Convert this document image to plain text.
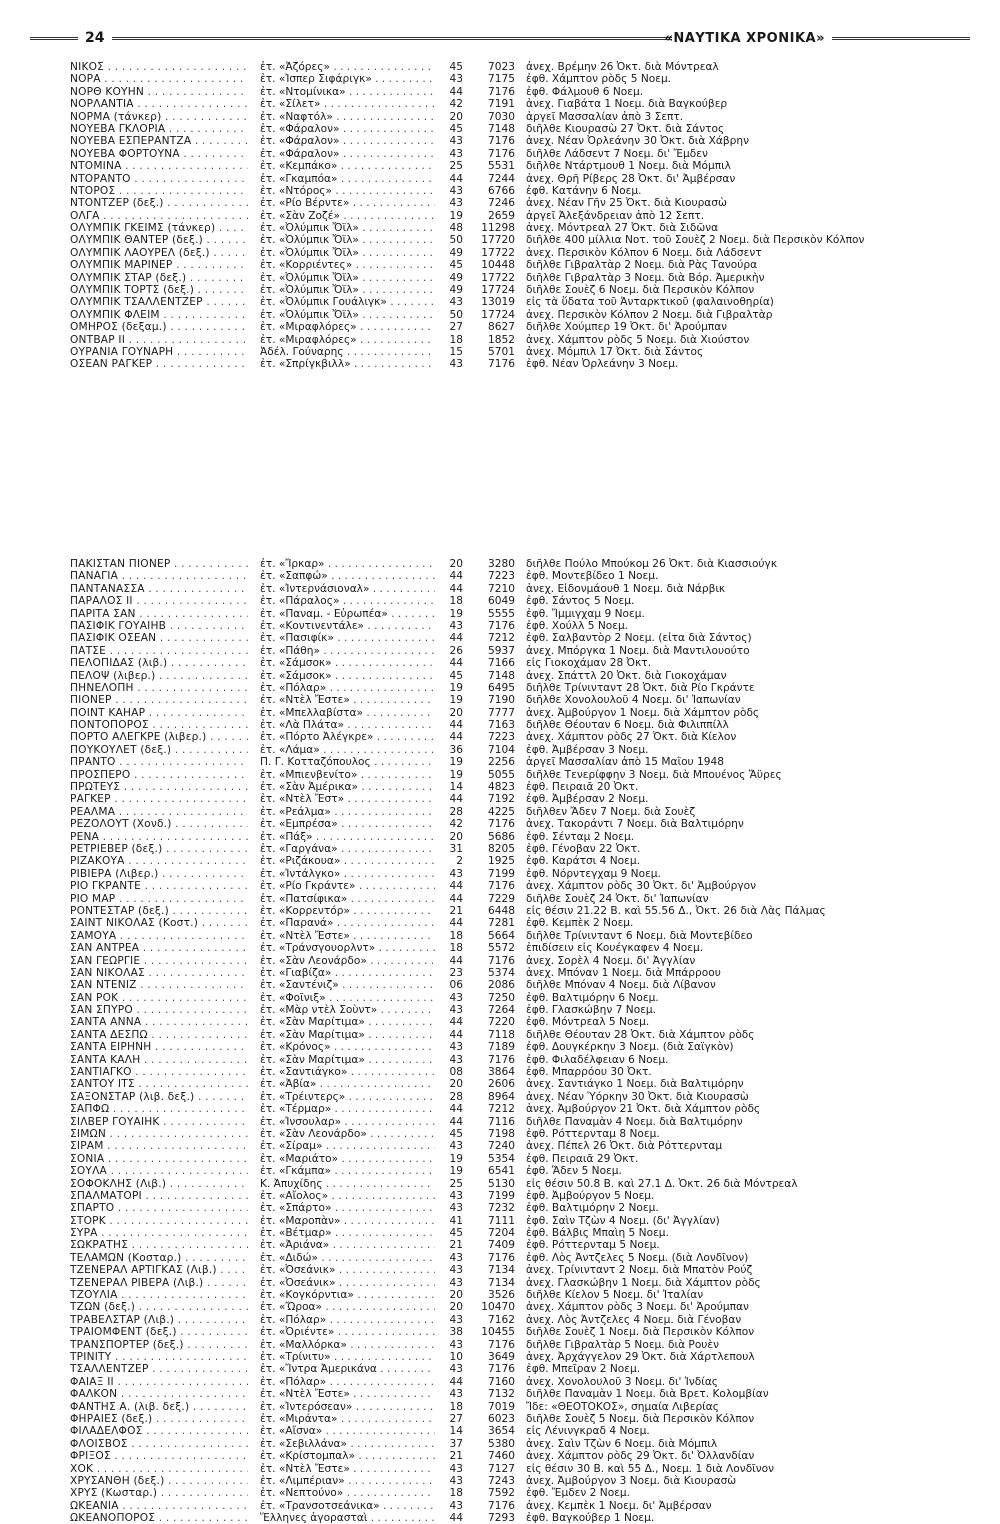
24	«ΝΑΥΤΙΚΑ ΧΡΟΝΙΚΑ»
ΝΙΚΟΣ . . .	ἐτ. «Ἀζόρες» . . .	45	7023 ἀνεχ. Βρέμην 26 Ὀκτ. διὰ Μόντρεαλ
ΝΟΡΑ . . .	ἐτ. «Ἰσπερ Σιφάριγκ» . . .	43	7175 ἐφθ. Χάμπτον ρὸδς 5 Νοεμ.
ΝΟΡΘ ΚΟΥΗΝ . . .	ἐτ. «Ντομίνικα» . . .	44	7176 ἐφθ. Φάλμουθ 6 Νοεμ.
ΝΟΡΛΑΝΤΙΑ . . .	ἐτ. «Σίλετ» . . .	42	7191 ἀνεχ. Γιαβάτα 1 Νοεμ. διὰ Βαγκούβερ
ΝΟΡΜΑ (τάνκερ) . . .	ἐτ. «Ναφτόλ» . . .	20	7030 ἀργεῖ Μασσαλίαν ἀπὸ 3 Σεπτ.
ΝΟΥΕΒΑ ΓΚΛΟΡΙΑ . . .	ἐτ. «Φάραλον» . . .	45	7148 διῆλθε Κιουρασὼ 27 Ὀκτ. διὰ Σάντος
ΝΟΥΕΒΑ ΕΣΠΕΡΑΝΤΖΑ . . .	ἐτ. «Φάραλον» . . .	43	7176 ἀνεχ. Νέαν Ὀρλεάνην 30 Ὀκτ. διὰ Χάβρην
ΝΟΥΕΒΑ ΦΟΡΤΟΥΝΑ . . .	ἐτ. «Φάραλον» . . .	43	7176 διῆλθε Λάδσεντ 7 Νοεμ. δι' Ἔμδεν
ΝΤΟΜΙΝΑ . . .	ἐτ. «Κεμπάκο» . . .	25	5531 διῆλθε Ντάρτμουθ 1 Νοεμ. διὰ Μόμπιλ
ΝΤΟΡΑΝΤΟ . . .	ἐτ. «Γκαμπόα» . . .	44	7244 ἀνεχ. Θρῆ Ρίβερς 28 Ὀκτ. δι' Ἀμβέρσαν
ΝΤΟΡΟΣ . . .	ἐτ. «Ντόρος» . . .	43	6766 ἐφθ. Κατάνην 6 Νοεμ.
ΝΤΟΝΤΖΕΡ (δεξ.) . . .	ἐτ. «Ρίο Βέρντε» . . .	43	7246 ἀνεχ. Νέαν Γῆν 25 Ὀκτ. διὰ Κιουρασὼ
ΟΛΓΑ . . .	ἐτ. «Σὰν Ζοζέ» . . .	19	2659 ἀργεῖ Ἀλεξάνδρειαν ἀπὸ 12 Σεπτ.
ΟΛΥΜΠΙΚ ΓΚΕΙΜΣ (τάνκερ) . . .	ἐτ. «Ὀλύμπικ Ὄϊλ» . . .	48	11298 ἀνεχ. Μόντρεαλ 27 Ὀκτ. διὰ Σιδῶνα
ΟΛΥΜΠΙΚ ΘΑΝΤΕΡ (δεξ.) . . .	ἐτ. «Ὀλύμπικ Ὄϊλ» . . .	50	17720 διῆλθε 400 μίλλια Νοτ. τοῦ Σουὲζ 2 Νοεμ. διὰ Περσικὸν Κόλπον
ΟΛΥΜΠΙΚ ΛΑΟΥΡΕΛ (δεξ.) . . .	ἐτ. «Ὀλύμπικ Ὄϊλ» . . .	49	17722 ἀνεχ. Περσικὸν Κόλπον 6 Νοεμ. διὰ Λάδσεντ
ΟΛΥΜΠΙΚ ΜΑΡΙΝΕΡ . . .	ἐτ. «Κορριέντες» . . .	45	10448 διῆλθε Γιβραλτὰρ 2 Νοεμ. διὰ Ρὰς Τανούρα
ΟΛΥΜΠΙΚ ΣΤΑΡ (δεξ.) . . .	ἐτ. «Ὀλύμπικ Ὄϊλ» . . .	49	17722 διῆλθε Γιβραλτὰρ 3 Νοεμ. διὰ Βόρ. Ἀμερικὴν
ΟΛΥΜΠΙΚ ΤΟΡΤΣ (δεξ.) . . .	ἐτ. «Ὀλύμπικ Ὄϊλ» . . .	49	17724 διῆλθε Σουὲζ 6 Νοεμ. διὰ Περσικὸν Κόλπον
ΟΛΥΜΠΙΚ ΤΣΑΛΛΕΝΤΖΕΡ . . .	ἐτ. «Ὀλύμπικ Γουάλιγκ» . . .	43	13019 εἰς τὰ ὕδατα τοῦ Ἀνταρκτικοῦ (φαλαινοθηρία)
ΟΛΥΜΠΙΚ ΦΛΕΙΜ . . .	ἐτ. «Ὀλύμπικ Ὄϊλ» . . .	50	17724 ἀνεχ. Περσικὸν Κόλπον 2 Νοεμ. διὰ Γιβραλτὰρ
ΟΜΗΡΟΣ (δεξαμ.) . . .	ἐτ. «Μιραφλόρες» . . .	27	8627 διῆλθε Χούμπερ 19 Ὀκτ. δι' Ἀρούμπαν
ΟΝΤΒΑΡ ΙΙ . . .	ἐτ. «Μιραφλόρες» . . .	18	1852 ἀνεχ. Χάμπτον ρὸδς 5 Νοεμ. διὰ Χιούστον
ΟΥΡΑΝΙΑ ΓΟΥΝΑΡΗ . . .	Ἀδέλ. Γούναρης . . .	15	5701 ἀνεχ. Μόμπιλ 17 Ὀκτ. διὰ Σάντος
ΟΣΕΑΝ ΡΑΓΚΕΡ . . .	ἐτ. «Σπρίγκβιλλ» . . .	43	7176 ἐφθ. Νέαν Ὀρλεάνην 3 Νοεμ.
ΠΑΚΙΣΤΑΝ ΠΙΟΝΕΡ . . .	ἐτ. «Ἴρκαρ» . . .	20	3280 διῆλθε Πούλο Μπούκομ 26 Ὀκτ. διὰ Κιασσιούγκ
ΠΑΝΑΓΙΑ . . .	ἐτ. «Σαπφώ» . . .	44	7223 ἐφθ. Μοντεβίδεο 1 Νοεμ.
ΠΑΝΤΑΝΑΣΣΑ . . .	ἐτ. «Ἰντερνάσιοναλ» . . .	44	7210 ἀνεχ. Εἰδονμάουθ 1 Νοεμ. διὰ Νάρβικ
ΠΑΡΑΛΟΣ ΙΙ . . .	ἐτ. «Πάραλος» . . .	18	6049 ἐφθ. Σάντος 5 Νοεμ.
ΠΑΡΙΤΑ ΣΑΝ . . .	ἐτ. «Παναμ. - Εὐρωπέα» . . .	19	5555 ἐφθ. Ἴμμιγχαμ 9 Νοεμ.
ΠΑΣΙΦΙΚ ΓΟΥΑΙΗΒ . . .	ἐτ. «Κοντινεντάλε» . . .	43	7176 ἐφθ. Χούλλ 5 Νοεμ.
ΠΑΣΙΦΙΚ ΟΣΕΑΝ . . .	ἐτ. «Πασιφίκ» . . .	44	7212 ἐφθ. Σαλβαντὸρ 2 Νοεμ. (εἶτα διὰ Σάντος)
ΠΑΤΣΕ . . .	ἐτ. «Πάθη» . . .	26	5937 ἀνεχ. Μπόργκα 1 Νοεμ. διὰ Μαντιλουούτο
ΠΕΛΟΠΙΔΑΣ (λιβ.) . . .	ἐτ. «Σάμσοκ» . . .	44	7166 εἰς Γιοκοχάμαν 28 Ὀκτ.
ΠΕΛΟΨ (λιβερ.) . . .	ἐτ. «Σάμσοκ» . . .	45	7148 ἀνεχ. Σπάττλ 20 Ὀκτ. διὰ Γιοκοχάμαν
ΠΗΝΕΛΟΠΗ . . .	ἐτ. «Πόλαρ» . . .	19	6495 διῆλθε Τρίνινταντ 28 Ὀκτ. διὰ Ρίο Γκράντε
ΠΙΟΝΕΡ . . .	ἐτ. «Ντὲλ Ἔστε» . . .	19	7190 διῆλθε Χονολουλοῦ 4 Νοεμ. δι' Ἰαπωνίαν
ΠΟΙΝΤ ΚΑΗΑΡ . . .	ἐτ. «Μπελλαβίστα» . . .	20	7777 ἀνεχ. Ἀμβούργον 1 Νοεμ. διὰ Χάμπτον ρὸδς
ΠΟΝΤΟΠΟΡΟΣ . . .	ἐτ. «Λὰ Πλάτα» . . .	44	7163 διῆλθε Θέουταν 6 Νοεμ. διὰ Φιλιππίλλ
ΠΟΡΤΟ ΑΛΕΓΚΡΕ (λιβερ.) . . .	ἐτ. «Πόρτο Ἀλέγκρε» . . .	44	7223 ἀνεχ. Χάμπτον ρὸδς 27 Ὀκτ. διὰ Κίελον
ΠΟΥΚΟΥΛΕΤ (δεξ.) . . .	ἐτ. «Λάμα» . . .	36	7104 ἐφθ. Ἀμβέρσαν 3 Νοεμ.
ΠΡΑΝΤΟ . . .	Π. Γ. Κοτταζόπουλος . . .	19	2256 ἀργεῖ Μασσαλίαν ἀπὸ 15 Μαΐου 1948
ΠΡΟΣΠΕΡΟ . . .	ἐτ. «Μπιενβενίτο» . . .	19	5055 διῆλθε Τενερίφφην 3 Νοεμ. διὰ Μπουένος Ἄϋρες
ΠΡΩΤΕΥΣ . . .	ἐτ. «Σὰν Ἀμέρικα» . . .	14	4823 ἐφθ. Πειραιᾶ 20 Ὀκτ.
ΡΑΓΚΕΡ . . .	ἐτ. «Ντὲλ Ἔστ» . . .	44	7192 ἐφθ. Ἀμβέρσαν 2 Νοεμ.
ΡΕΑΛΜΑ . . .	ἐτ. «Ρεάλμα» . . .	28	4225 διῆλθεν Ἄδεν 7 Νοεμ. διὰ Σουὲζ
ΡΕΖΟΛΟΥΤ (Χονδ.) . . .	ἐτ. «Εμπρέσα» . . .	42	7176 ἀνεχ. Τακοράντι 7 Νοεμ. διὰ Βαλτιμόρην
ΡΕΝΑ . . .	ἐτ. «Πάξ» . . .	20	5686 ἐφθ. Σένταμ 2 Νοεμ.
ΡΕΤΡΙΕΒΕΡ (δεξ.) . . .	ἐτ. «Γαργάνα» . . .	31	8205 ἐφθ. Γένοβαν 22 Ὀκτ.
ΡΙΖΑΚΟΥΑ . . .	ἐτ. «Ριζάκουα» . . .	2	1925 ἐφθ. Καράτσι 4 Νοεμ.
ΡΙΒΙΕΡΑ (Λιβερ.) . . .	ἐτ. «Ἰντάλγκο» . . .	43	7199 ἐφθ. Νόρντεγχαμ 9 Νοεμ.
ΡΙΟ ΓΚΡΑΝΤΕ . . .	ἐτ. «Ρίο Γκράντε» . . .	44	7176 ἀνεχ. Χάμπτον ρὸδς 30 Ὀκτ. δι' Ἀμβούργον
ΡΙΟ ΜΑΡ . . .	ἐτ. «Πατσίφικα» . . .	44	7229 διῆλθε Σουὲζ 24 Ὀκτ. δι' Ἰαπωνίαν
ΡΟΝΤΕΣΤΑΡ (δεξ.) . . .	ἐτ. «Κορρεντόρ» . . .	21	6448 εἰς θέσιν 21.22 Β. καὶ 55.56 Δ., Ὀκτ. 26 διὰ Λὰς Πάλμας
ΣΑΙΝΤ ΝΙΚΟΛΑΣ (Κοστ.) . . .	ἐτ. «Παρανά» . . .	44	7281 ἐφθ. Κεμπὲκ 2 Νοεμ.
ΣΑΜΟΥΑ . . .	ἐτ. «Ντὲλ Ἔστε» . . .	18	5664 διῆλθε Τρίνινταντ 6 Νοεμ. διὰ Μοντεβίδεο
ΣΑΝ ΑΝΤΡΕΑ . . .	ἐτ. «Τράνσγουορλντ» . . .	18	5572 ἐπιδίσειν εἰς Κουέγκαφεν 4 Νοεμ.
ΣΑΝ ΓΕΩΡΓΙΕ . . .	ἐτ. «Σὰν Λεονάρδο» . . .	44	7176 ἀνεχ. Σορὲλ 4 Νοεμ. δι' Ἀγγλίαν
ΣΑΝ ΝΙΚΟΛΑΣ . . .	ἐτ. «Γιαβίζα» . . .	23	5374 ἀνεχ. Μπόναν 1 Νοεμ. διὰ Μπάρροου
ΣΑΝ ΝΤΕΝΙΖ . . .	ἐτ. «Σαντένιζ» . . .	06	2086 διῆλθε Μπόναν 4 Νοεμ. διὰ Λίβανον
ΣΑΝ ΡΟΚ . . .	ἐτ. «Φοῖνιξ» . . .	43	7250 ἐφθ. Βαλτιμόρην 6 Νοεμ.
ΣΑΝ ΣΠΥΡΟ . . .	ἐτ. «Μὰρ ντὲλ Σοὺντ» . . .	43	7264 ἐφθ. Γλασκώβην 7 Νοεμ.
ΣΑΝΤΑ ΑΝΝΑ . . .	ἐτ. «Σὰν Μαρίτιμα» . . .	44	7220 ἐφθ. Μόντρεαλ 5 Νοεμ.
ΣΑΝΤΑ ΔΕΣΠΩ . . .	ἐτ. «Σὰν Μαρίτιμα» . . .	44	7118 διῆλθε Θέουταν 28 Ὀκτ. διὰ Χάμπτον ρὸδς
ΣΑΝΤΑ ΕΙΡΗΝΗ . . .	ἐτ. «Κρόνος» . . .	43	7189 ἐφθ. Δουγκέρκην 3 Νοεμ. (διὰ Σαϊγκὸν)
ΣΑΝΤΑ ΚΑΛΗ . . .	ἐτ. «Σὰν Μαρίτιμα» . . .	43	7176 ἐφθ. Φιλαδέλφειαν 6 Νοεμ.
ΣΑΝΤΙΑΓΚΟ . . .	ἐτ. «Σαντιάγκο» . . .	08	3864 ἐφθ. Μπαρρόου 30 Ὀκτ.
ΣΑΝΤΟΥ ΙΤΣ . . .	ἐτ. «Ἀβία» . . .	20	2606 ἀνεχ. Σαντιάγκο 1 Νοεμ. διὰ Βαλτιμόρην
ΣΑΞΟΝΣΤΑΡ (λιβ. δεξ.) . . .	ἐτ. «Τρέιντερς» . . .	28	8964 ἀνεχ. Νέαν Ὑόρκην 30 Ὀκτ. διὰ Κιουρασὼ
ΣΑΠΦΩ . . .	ἐτ. «Τέρμαρ» . . .	44	7212 ἀνεχ. Ἀμβούργον 21 Ὀκτ. διὰ Χάμπτον ρὸδς
ΣΙΛΒΕΡ ΓΟΥΑΙΗΚ . . .	ἐτ. «Ἰνσουλαρ» . . .	44	7116 διῆλθε Παναμὰν 4 Νοεμ. διὰ Βαλτιμόρην
ΣΙΜΩΝ . . .	ἐτ. «Σὰν Λεονάρδο» . . .	45	7198 ἐφθ. Ρόττερνταμ 8 Νοεμ.
ΣΙΡΑΜ . . .	ἐτ. «Σίραμ» . . .	43	7240 ἀνεχ. Πέπελ 26 Ὀκτ. διὰ Ρόττερνταμ
ΣΟΝΙΑ . . .	ἐτ. «Μαριάτο» . . .	19	5354 ἐφθ. Πειραιᾶ 29 Ὀκτ.
ΣΟΥΛΑ . . .	ἐτ. «Γκάμπα» . . .	19	6541 ἐφθ. Ἄδεν 5 Νοεμ.
ΣΟΦΟΚΛΗΣ (Λιβ.) . . .	Κ. Ἀπυχίδης . . .	25	5130 εἰς θέσιν 50.8 Β. καὶ 27.1 Δ. Ὀκτ. 26 διὰ Μόντρεαλ
ΣΠΑΛΜΑΤΟΡΙ . . .	ἐτ. «Αἴολος» . . .	43	7199 ἐφθ. Ἀμβούργον 5 Νοεμ.
ΣΠΑΡΤΟ . . .	ἐτ. «Σπάρτο» . . .	43	7232 ἐφθ. Βαλτιμόρην 2 Νοεμ.
ΣΤΟΡΚ . . .	ἐτ. «Μαροπὰν» . . .	41	7111 ἐφθ. Σαὶν Τζὼν 4 Νοεμ. (δι' Ἀγγλίαν)
ΣΥΡΑ . . .	ἐτ. «Βέτμαρ» . . .	45	7204 ἐφθ. Βάλβις Μπαὶη 5 Νοεμ.
ΣΩΚΡΑΤΗΣ . . .	ἐτ. «Ἀριάνα» . . .	21	7409 ἐφθ. Ρόττερνταμ 5 Νοεμ.
ΤΕΛΑΜΩΝ (Κοσταρ.) . . .	ἐτ. «Διδώ» . . .	43	7176 ἐφθ. Λὸς Ἀντζελες 5 Νοεμ. (διὰ Λονδῖνον)
ΤΖΕΝΕΡΑΛ ΑΡΤΙΓΚΑΣ (Λιβ.) . . .	ἐτ. «Ὀσεάνικ» . . .	43	7134 ἀνεχ. Τρίνινταντ 2 Νοεμ. διὰ Μπατὸν Ρούζ
ΤΖΕΝΕΡΑΛ ΡΙΒΕΡΑ (Λιβ.) . . .	ἐτ. «Ὀσεάνικ» . . .	43	7134 ἀνεχ. Γλασκώβην 1 Νοεμ. διὰ Χάμπτον ρὸδς
ΤΖΟΥΛΙΑ . . .	ἐτ. «Κογκόρντια» . . .	20	3526 διῆλθε Κίελον 5 Νοεμ. δι' Ἰταλίαν
ΤΖΩΝ (δεξ.) . . .	ἐτ. «Ὤροα» . . .	20	10470 ἀνεχ. Χάμπτον ρὸδς 3 Νοεμ. δι' Ἀρούμπαν
ΤΡΑΒΕΛΣΤΑΡ (Λιβ.) . . .	ἐτ. «Πόλαρ» . . .	43	7162 ἀνεχ. Λὸς Ἀντζελες 4 Νοεμ. διὰ Γένοβαν
ΤΡΑΙΟΜΦΕΝΤ (δεξ.) . . .	ἐτ. «Ὀριέντε» . . .	38	10455 διῆλθε Σουὲζ 1 Νοεμ. διὰ Περσικὸν Κόλπον
ΤΡΑΝΣΠΟΡΤΕΡ (δεξ.) . . .	ἐτ. «Μαλλόρκα» . . .	43	7176 διῆλθε Γιβραλτὰρ 5 Νοεμ. διὰ Ρουὲν
ΤΡΙΝΙΤΥ . . .	ἐτ. «Τρίνιτυ» . . .	10	3649 ἀνεχ. Ἀρχάγγελον 29 Ὀκτ. διὰ Χάρτλεπουλ
ΤΣΑΛΛΕΝΤΖΕΡ . . .	ἐτ. «Ἴντρα Ἀμερικάνα . . .	43	7176 ἐφθ. Μπεῖραν 2 Νοεμ.
ΦΑΙΑΞ ΙΙ . . .	ἐτ. «Πόλαρ» . . .	44	7160 ἀνεχ. Χονολουλοῦ 3 Νοεμ. δι' Ἰνδίας
ΦΑΛΚΟΝ . . .	ἐτ. «Ντὲλ Ἔστε» . . .	43	7132 διῆλθε Παναμὰν 1 Νοεμ. διὰ Βρετ. Κολομβίαν
ΦΑΝΤΗΣ Α. (λιβ. δεξ.) . . .	ἐτ. «Ἰντερόσεαν» . . .	18	7019 Ἴδε: «ΘΕΟΤΟΚΟΣ», σημαία Λιβερίας
ΦΗΡΑΙΕΣ (δεξ.) . . .	ἐτ. «Μιράντα» . . .	27	6023 διῆλθε Σουὲζ 5 Νοεμ. διὰ Περσικὸν Κόλπον
ΦΙΛΑΔΕΛΦΟΣ . . .	ἐτ. «Αἴσνα» . . .	14	3654 εἰς Λένινγκραδ 4 Νοεμ.
ΦΛΟΙΣΒΟΣ . . .	ἐτ. «Σεβιλλάνα» . . .	37	5380 ἀνεχ. Σαὶν Τζὼν 6 Νοεμ. διὰ Μόμπιλ
ΦΡΙΞΟΣ . . .	ἐτ. «Κρίστομπαλ» . . .	21	7460 ἀνεχ. Χάμπτον ρὸδς 29 Ὀκτ. δι' Ὀλλανδίαν
ΧΟΚ . . .	ἐτ. «Ντὲλ Ἔστε» . . .	43	7127 εἰς θέσιν 30 Β. καὶ 55 Δ., Νοεμ. 1 διὰ Λονδῖνον
ΧΡΥΣΑΝΘΗ (δεξ.) . . .	ἐτ. «Λιμπέριαν» . . .	43	7243 ἀνεχ. Ἀμβούργον 3 Νοεμ. διὰ Κιουρασὼ
ΧΡΥΣ (Κωσταρ.) . . .	ἐτ. «Νεπτούνο» . . .	18	7592 ἐφθ. Ἔμδεν 2 Νοεμ.
ΩΚΕΑΝΙΑ . . .	ἐτ. «Τρανσοτσεάνικα» . . .	43	7176 ἀνεχ. Κεμπὲκ 1 Νοεμ. δι' Ἀμβέρσαν
ΩΚΕΑΝΟΠΟΡΟΣ . . .	Ἕλληνες ἀγορασταὶ . . .	44	7293 ἐφθ. Βαγκούβερ 1 Νοεμ.
